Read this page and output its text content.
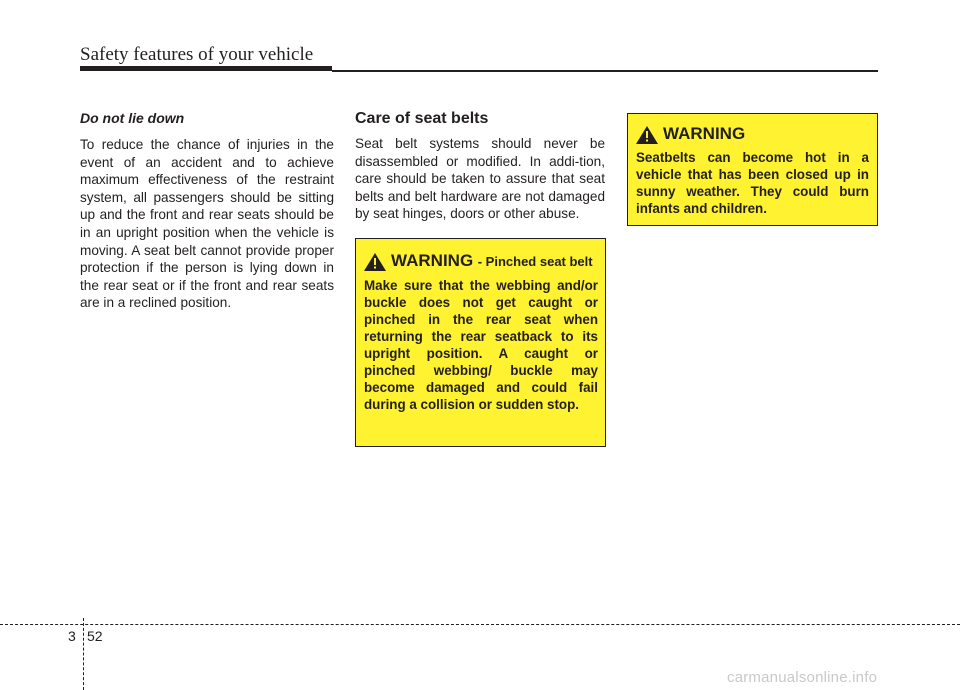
Safety features of your vehicle

Do not lie down

To reduce the chance of injuries in the event of an accident and to achieve maximum effectiveness of the restraint system, all passengers should be sitting up and the front and rear seats should be in an upright position when the vehicle is moving. A seat belt cannot provide proper protection if the person is lying down in the rear seat or if the front and rear seats are in a reclined position.

Care of seat belts

Seat belt systems should never be disassembled or modified. In addi-tion, care should be taken to assure that seat belts and belt hardware are not damaged by seat hinges, doors or other abuse.

WARNING - Pinched seat belt
Make sure that the webbing and/or buckle does not get caught or pinched in the rear seat when returning the rear seatback to its upright position. A caught or pinched webbing/ buckle may become damaged and could fail during a collision or sudden stop.
WARNING
Seatbelts can become hot in a vehicle that has been closed up in sunny weather. They could burn infants and children.
3 52
carmanualsonline.info
